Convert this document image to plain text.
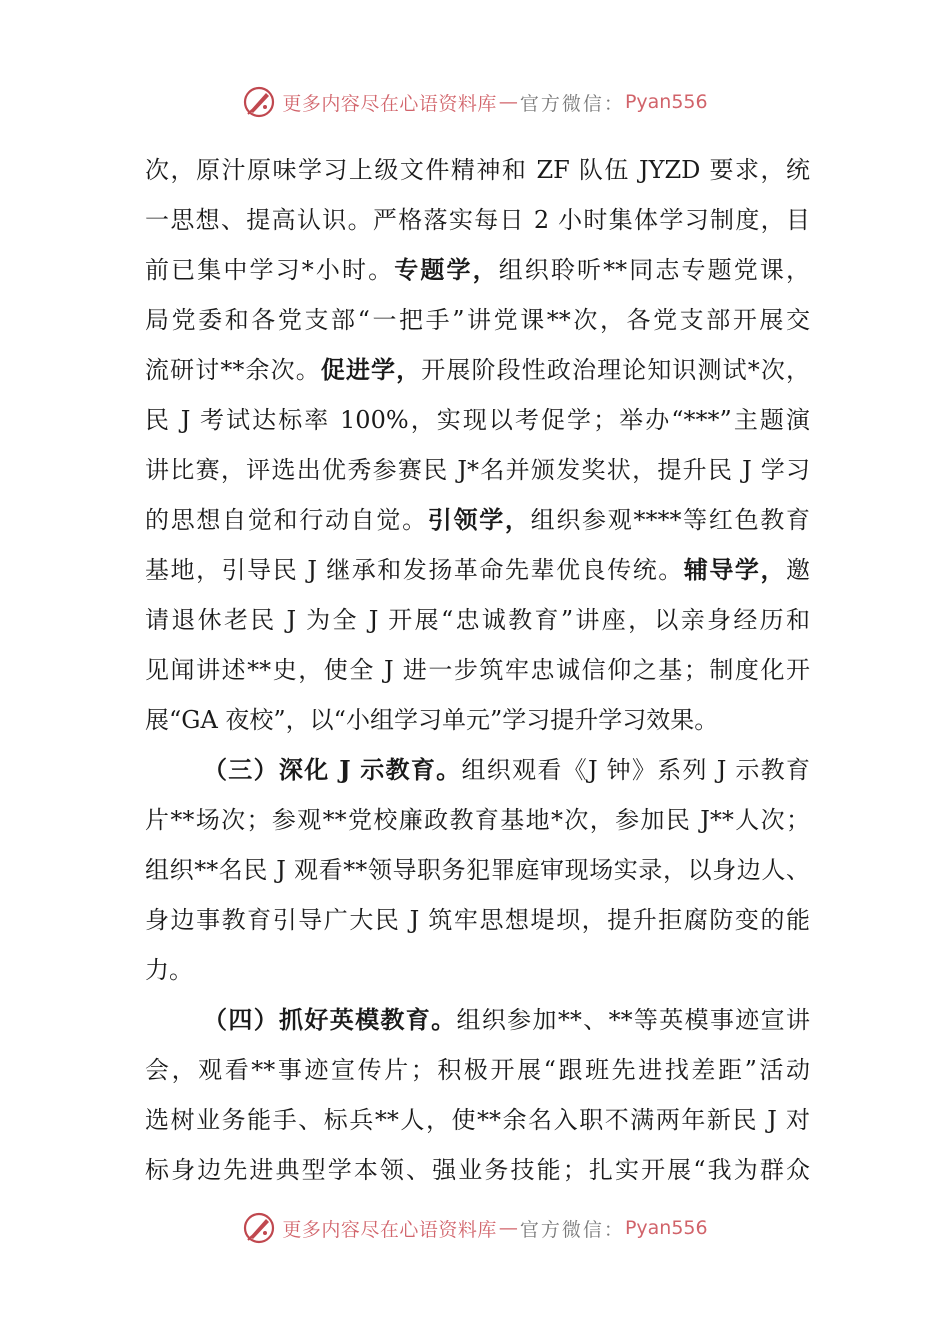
更多内容尽在心语资料库 — 官方微信： Pyan556
次，原汁原味学习上级文件精神和 ZF 队伍 JYZD 要求，统
一思想、提高认识。严格落实每日 2 小时集体学习制度，目
前已集中学习*小时。专题学，组织聆听**同志专题党课，
局党委和各党支部“一把手”讲党课**次，各党支部开展交
流研讨**余次。促进学，开展阶段性政治理论知识测试*次，
民 J 考试达标率 100%，实现以考促学；举办“***”主题演
讲比赛，评选出优秀参赛民 J*名并颁发奖状，提升民 J 学习
的思想自觉和行动自觉。引领学，组织参观****等红色教育
基地，引导民 J 继承和发扬革命先辈优良传统。辅导学，邀
请退休老民 J 为全 J 开展“忠诚教育”讲座，以亲身经历和
见闻讲述**史，使全 J 进一步筑牢忠诚信仰之基；制度化开
展“GA 夜校”，以“小组学习单元”学习提升学习效果。
（三）深化 J 示教育。组织观看《J 钟》系列 J 示教育
片**场次；参观**党校廉政教育基地*次，参加民 J**人次；
组织**名民 J 观看**领导职务犯罪庭审现场实录，以身边人、
身边事教育引导广大民 J 筑牢思想堤坝，提升拒腐防变的能
力。
（四）抓好英模教育。组织参加**、**等英模事迹宣讲
会，观看**事迹宣传片；积极开展“跟班先进找差距”活动
选树业务能手、标兵**人，使**余名入职不满两年新民 J 对
标身边先进典型学本领、强业务技能；扎实开展“我为群众
更多内容尽在心语资料库 — 官方微信： Pyan556
